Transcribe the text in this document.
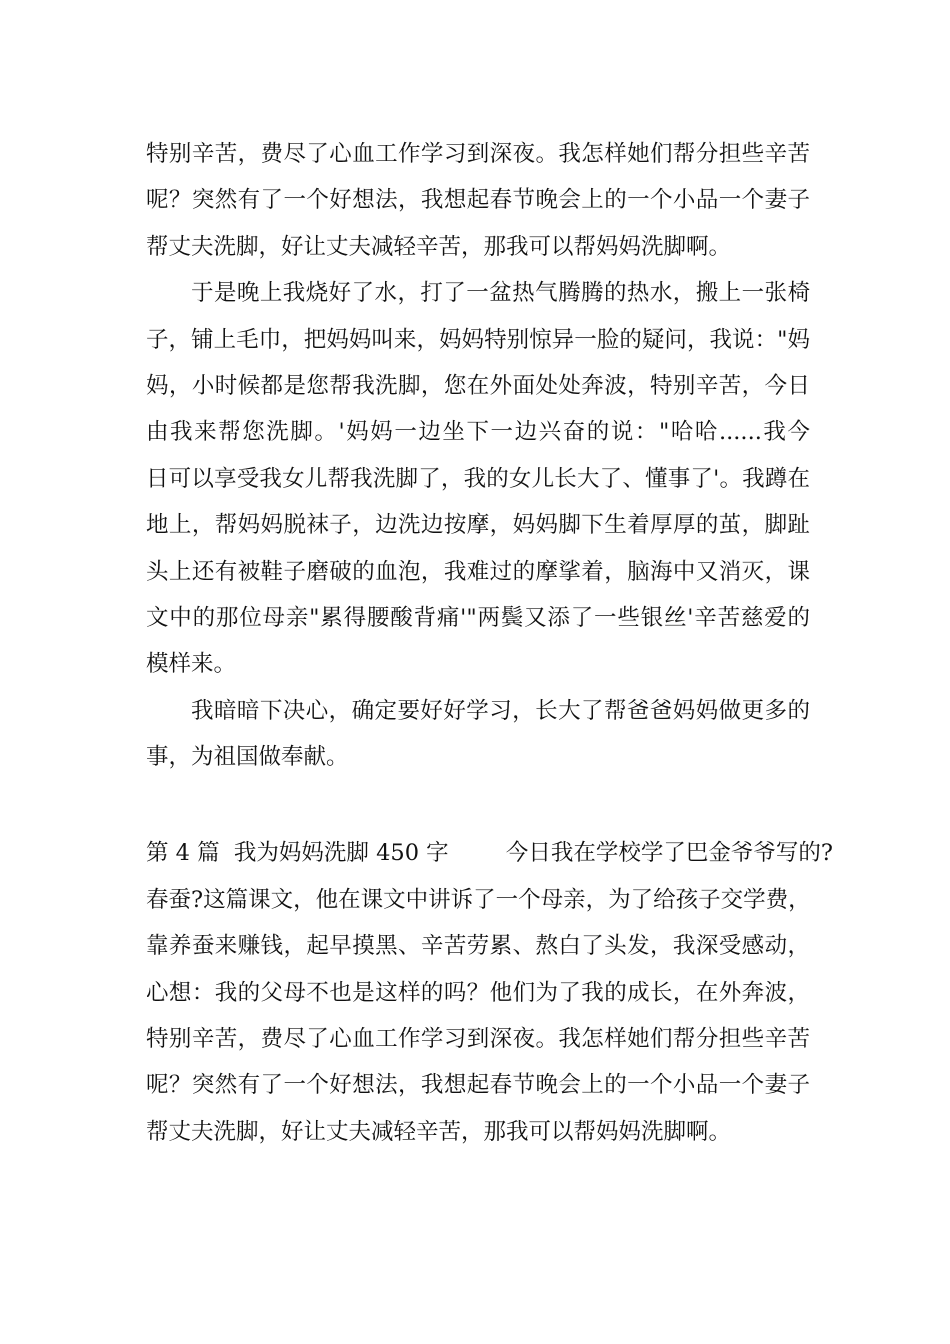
特别辛苦，费尽了心血工作学习到深夜。我怎样她们帮分担些辛苦
呢？突然有了一个好想法，我想起春节晚会上的一个小品一个妻子
帮丈夫洗脚，好让丈夫减轻辛苦，那我可以帮妈妈洗脚啊。
于是晚上我烧好了水，打了一盆热气腾腾的热水，搬上一张椅
子，铺上毛巾，把妈妈叫来，妈妈特别惊异一脸的疑问，我说："妈
妈，小时候都是您帮我洗脚，您在外面处处奔波，特别辛苦，今日
由我来帮您洗脚。'妈妈一边坐下一边兴奋的说："哈哈......我今
日可以享受我女儿帮我洗脚了，我的女儿长大了、懂事了'。我蹲在
地上，帮妈妈脱袜子，边洗边按摩，妈妈脚下生着厚厚的茧，脚趾
头上还有被鞋子磨破的血泡，我难过的摩挲着，脑海中又消灭，课
文中的那位母亲"累得腰酸背痛'"两鬓又添了一些银丝'辛苦慈爱的
模样来。
我暗暗下决心，确定要好好学习，长大了帮爸爸妈妈做更多的
事，为祖国做奉献。
第 4 篇  我为妈妈洗脚 450 字        今日我在学校学了巴金爷爷写的?
春蚕?这篇课文，他在课文中讲诉了一个母亲，为了给孩子交学费，
靠养蚕来赚钱，起早摸黑、辛苦劳累、熬白了头发，我深受感动，
心想：我的父母不也是这样的吗？他们为了我的成长，在外奔波，
特别辛苦，费尽了心血工作学习到深夜。我怎样她们帮分担些辛苦
呢？突然有了一个好想法，我想起春节晚会上的一个小品一个妻子
帮丈夫洗脚，好让丈夫减轻辛苦，那我可以帮妈妈洗脚啊。
